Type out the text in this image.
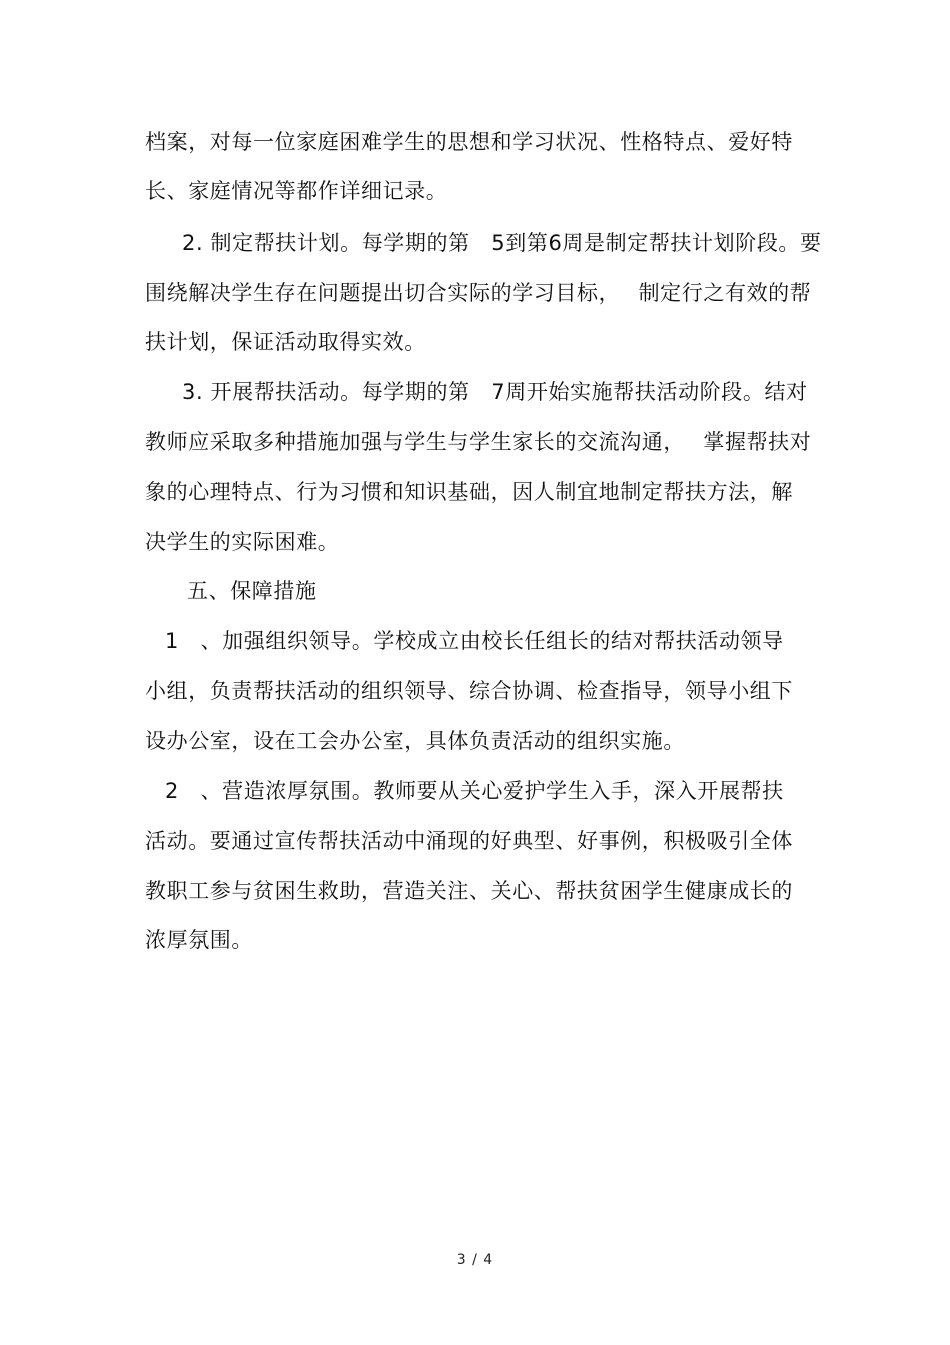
档案，对每一位家庭困难学生的思想和学习状况、性格特点、爱好特
长、家庭情况等都作详细记录。
2. 制定帮扶计划。每学期的第　5到第6周是制定帮扶计划阶段。要
围绕解决学生存在问题提出切合实际的学习目标，　 制定行之有效的帮
扶计划，保证活动取得实效。
3. 开展帮扶活动。每学期的第　7周开始实施帮扶活动阶段。结对
教师应采取多种措施加强与学生与学生家长的交流沟通，　 掌握帮扶对
象的心理特点、行为习惯和知识基础，因人制宜地制定帮扶方法，解
决学生的实际困难。
五、保障措施
1　、加强组织领导。学校成立由校长任组长的结对帮扶活动领导
小组，负责帮扶活动的组织领导、综合协调、检查指导，领导小组下
设办公室，设在工会办公室，具体负责活动的组织实施。
2　、营造浓厚氛围。教师要从关心爱护学生入手，深入开展帮扶
活动。要通过宣传帮扶活动中涌现的好典型、好事例，积极吸引全体
教职工参与贫困生救助，营造关注、关心、帮扶贫困学生健康成长的
浓厚氛围。
3 / 4
